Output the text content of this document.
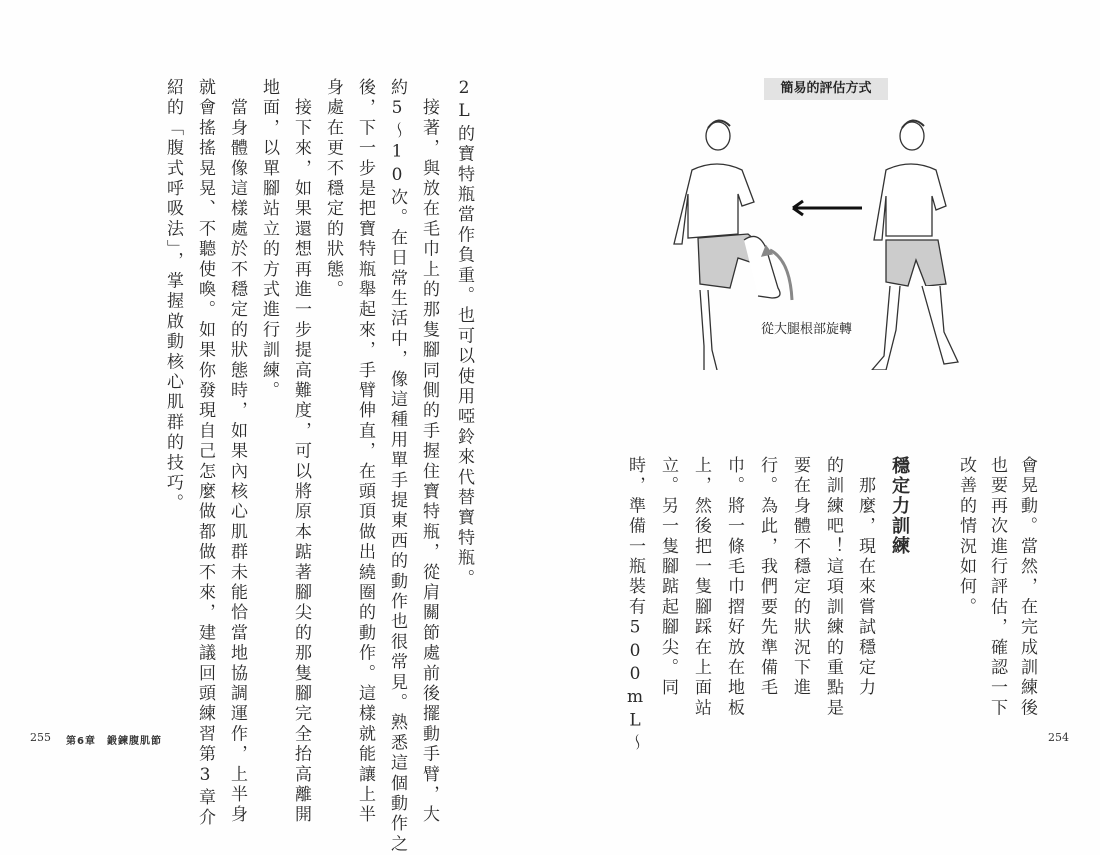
2L的寶特瓶當作負重。也可以使用啞鈴來代替寶特瓶。
　接著，與放在毛巾上的那隻腳同側的手握住寶特瓶，從肩關節處前後擺動手臂，大
約5～10次。在日常生活中，像這種用單手提東西的動作也很常見。熟悉這個動作之
後，下一步是把寶特瓶舉起來，手臂伸直，在頭頂做出繞圈的動作。這樣就能讓上半
身處在更不穩定的狀態。
　接下來，如果還想再進一步提高難度，可以將原本踮著腳尖的那隻腳完全抬高離開
地面，以單腳站立的方式進行訓練。
　當身體像這樣處於不穩定的狀態時，如果內核心肌群未能恰當地協調運作，上半身
就會搖搖晃晃、不聽使喚。如果你發現自己怎麼做都做不來，建議回頭練習第3章介
紹的「腹式呼吸法」，掌握啟動核心肌群的技巧。
255 第6章　鍛鍊腹肌節
簡易的評估方式
從大腿根部旋轉
會晃動。當然，在完成訓練後
也要再次進行評估，確認一下
改善的情況如何。
穩定力訓練
　那麼，現在來嘗試穩定力
的訓練吧！這項訓練的重點是
要在身體不穩定的狀況下進
行。為此，我們要先準備毛
巾。將一條毛巾摺好放在地板
上，然後把一隻腳踩在上面站
立。另一隻腳踮起腳尖。同
時，準備一瓶裝有500mL～	254
